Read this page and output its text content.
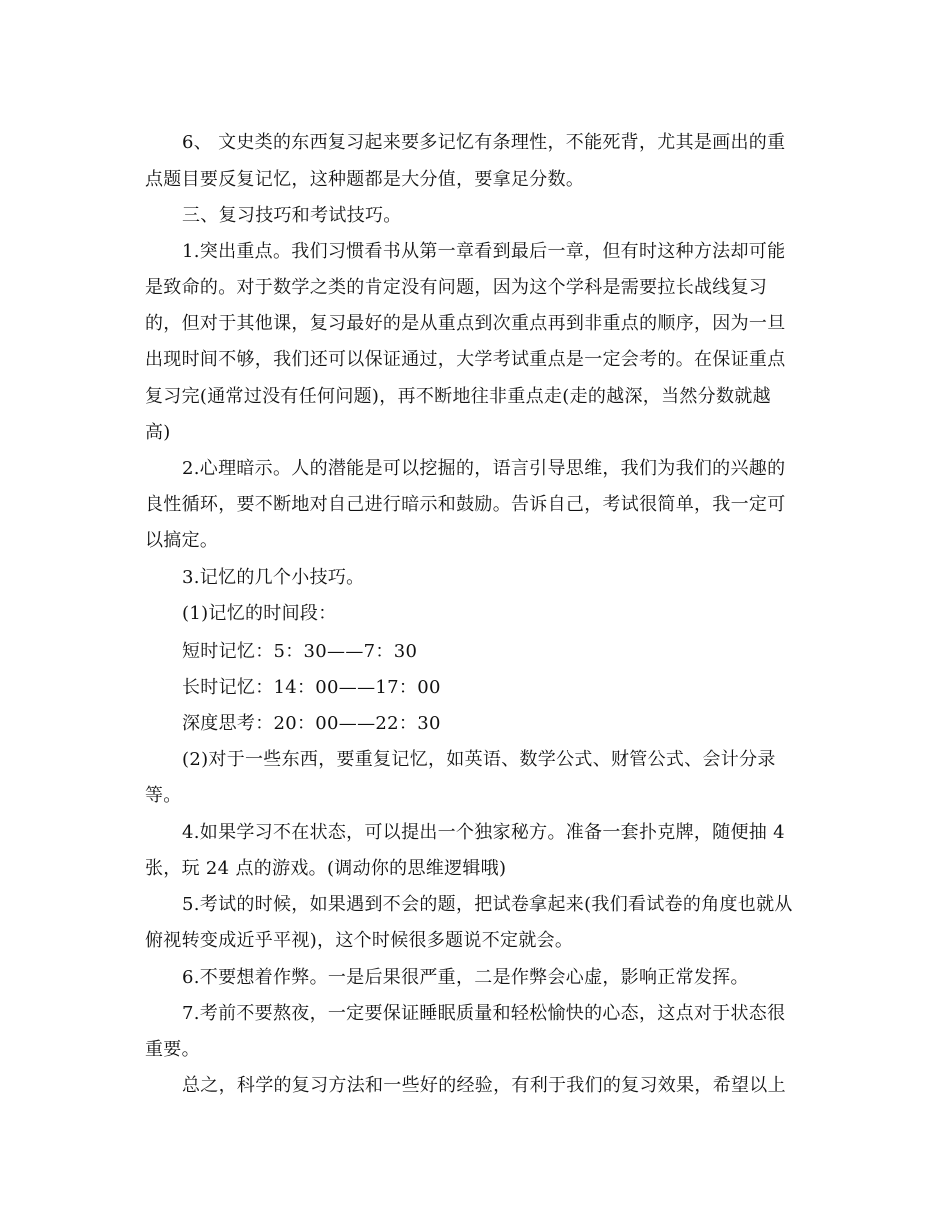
6、 文史类的东西复习起来要多记忆有条理性，不能死背，尤其是画出的重
点题目要反复记忆，这种题都是大分值，要拿足分数。
三、复习技巧和考试技巧。
1.突出重点。我们习惯看书从第一章看到最后一章，但有时这种方法却可能
是致命的。对于数学之类的肯定没有问题，因为这个学科是需要拉长战线复习
的，但对于其他课，复习最好的是从重点到次重点再到非重点的顺序，因为一旦
出现时间不够，我们还可以保证通过，大学考试重点是一定会考的。在保证重点
复习完(通常过没有任何问题)，再不断地往非重点走(走的越深，当然分数就越
高)
2.心理暗示。人的潜能是可以挖掘的，语言引导思维，我们为我们的兴趣的
良性循环，要不断地对自己进行暗示和鼓励。告诉自己，考试很简单，我一定可
以搞定。
3.记忆的几个小技巧。
(1)记忆的时间段：
短时记忆：5：30——7：30
长时记忆：14：00——17：00
深度思考：20：00——22：30
(2)对于一些东西，要重复记忆，如英语、数学公式、财管公式、会计分录
等。
4.如果学习不在状态，可以提出一个独家秘方。准备一套扑克牌，随便抽 4
张，玩 24 点的游戏。(调动你的思维逻辑哦)
5.考试的时候，如果遇到不会的题，把试卷拿起来(我们看试卷的角度也就从
俯视转变成近乎平视)，这个时候很多题说不定就会。
6.不要想着作弊。一是后果很严重，二是作弊会心虚，影响正常发挥。
7.考前不要熬夜，一定要保证睡眠质量和轻松愉快的心态，这点对于状态很
重要。
总之，科学的复习方法和一些好的经验，有利于我们的复习效果，希望以上
